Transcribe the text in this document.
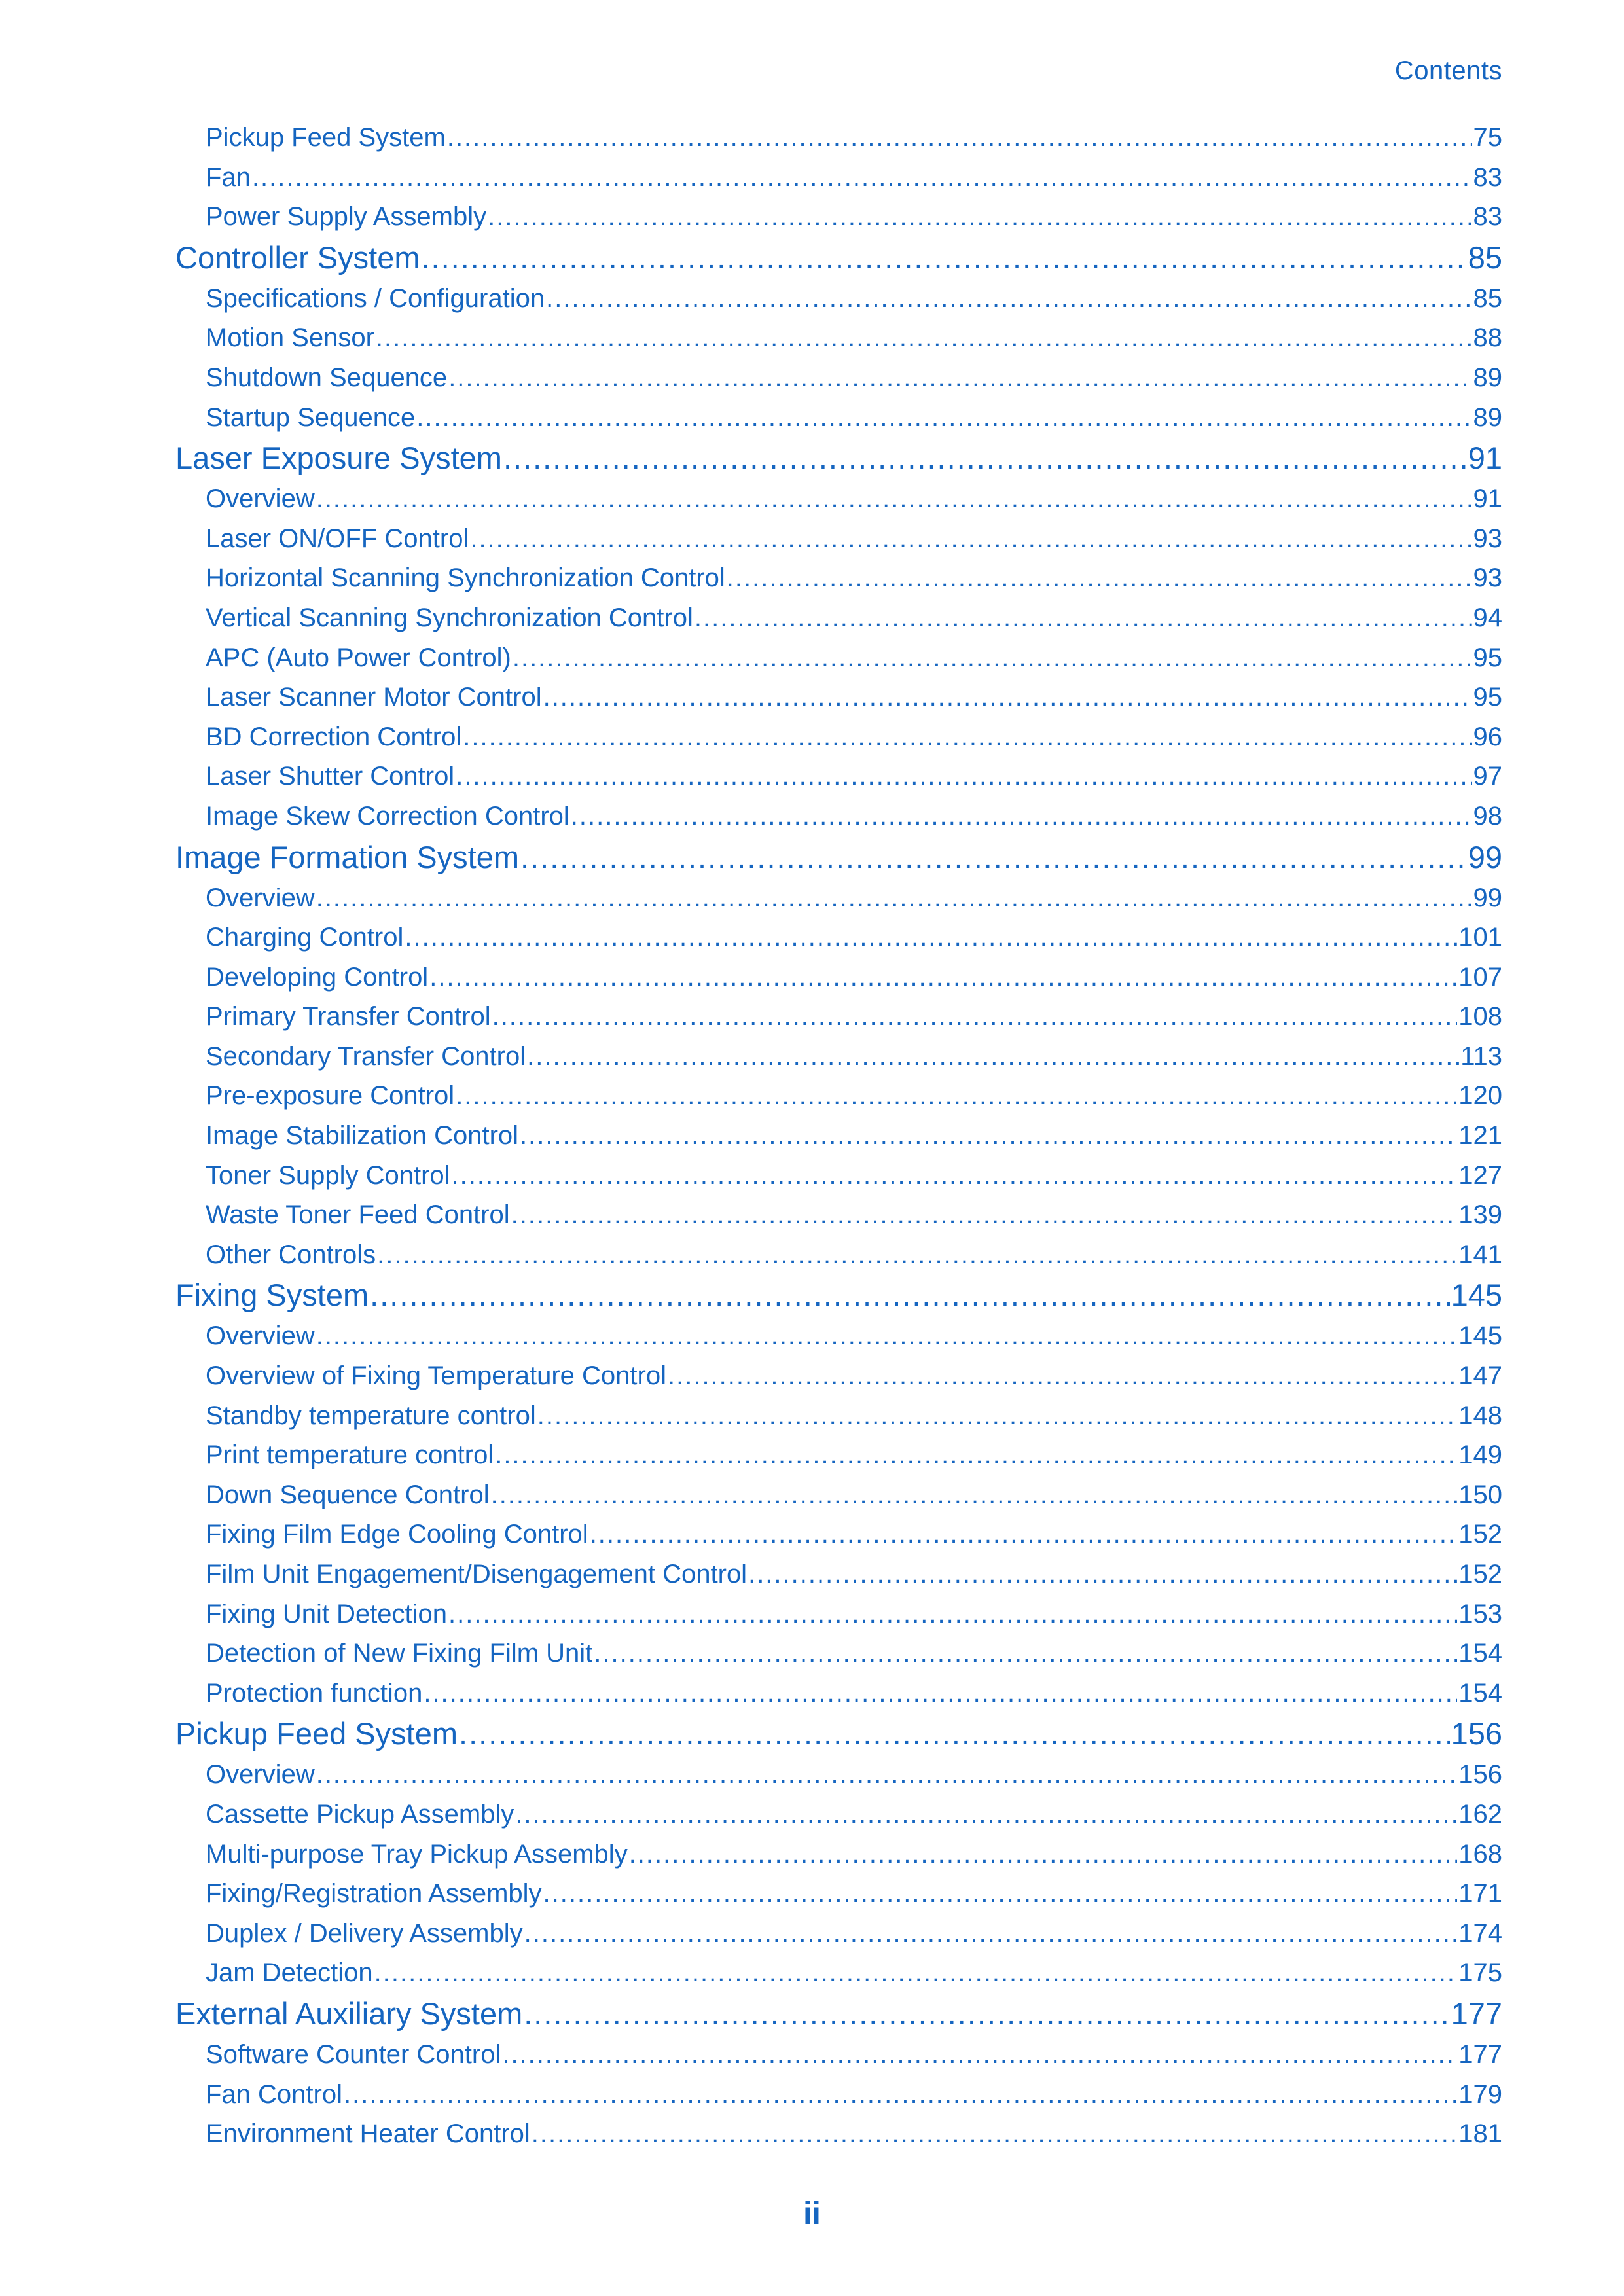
Contents
Pickup Feed System .....	75
Fan .....	83
Power Supply Assembly .....	83
Controller System .....	85
Specifications / Configuration .....	85
Motion Sensor .....	88
Shutdown Sequence .....	89
Startup Sequence .....	89
Laser Exposure System .....	91
Overview .....	91
Laser ON/OFF Control .....	93
Horizontal Scanning Synchronization Control .....	93
Vertical Scanning Synchronization Control .....	94
APC (Auto Power Control) .....	95
Laser Scanner Motor Control .....	95
BD Correction Control .....	96
Laser Shutter Control .....	97
Image Skew Correction Control .....	98
Image Formation System .....	99
Overview .....	99
Charging Control .....	101
Developing Control .....	107
Primary Transfer Control .....	108
Secondary Transfer Control .....	113
Pre-exposure Control .....	120
Image Stabilization Control .....	121
Toner Supply Control .....	127
Waste Toner Feed Control .....	139
Other Controls .....	141
Fixing System .....	145
Overview .....	145
Overview of Fixing Temperature Control .....	147
Standby temperature control .....	148
Print temperature control .....	149
Down Sequence Control .....	150
Fixing Film Edge Cooling Control .....	152
Film Unit Engagement/Disengagement Control .....	152
Fixing Unit Detection .....	153
Detection of New Fixing Film Unit .....	154
Protection function .....	154
Pickup Feed System .....	156
Overview .....	156
Cassette Pickup Assembly .....	162
Multi-purpose Tray Pickup Assembly .....	168
Fixing/Registration Assembly .....	171
Duplex / Delivery Assembly .....	174
Jam Detection .....	175
External Auxiliary System .....	177
Software Counter Control .....	177
Fan Control .....	179
Environment Heater Control .....	181
ii
